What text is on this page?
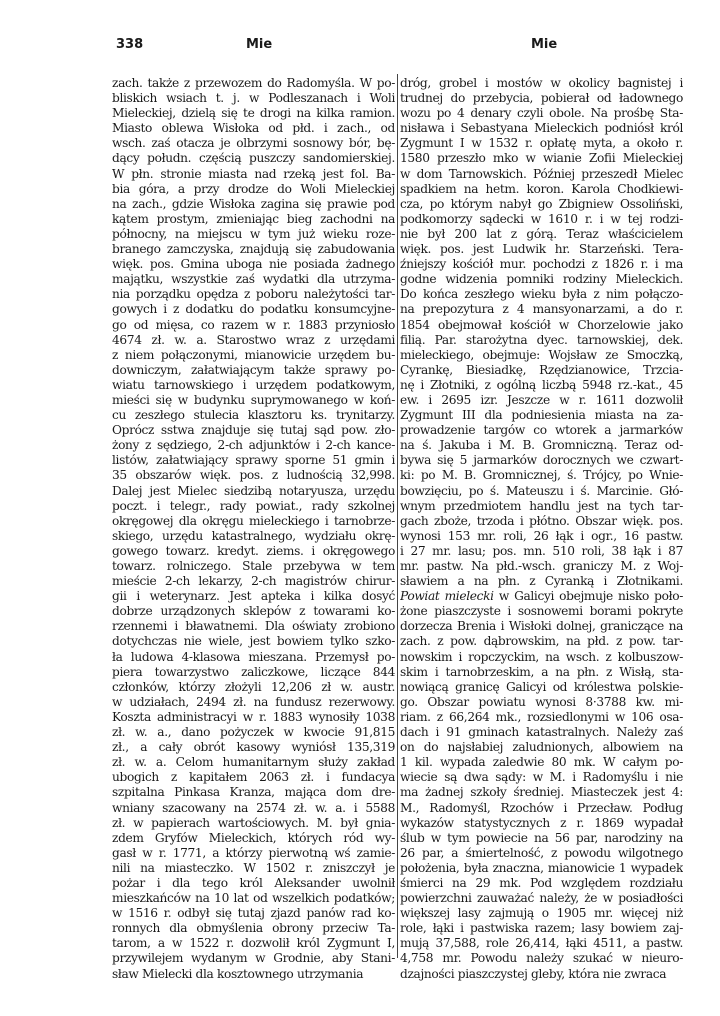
338	Mie	Mie
zach. także z przewozem do Radomyśla. W po-
bliskich wsiach t. j. w Podleszanach i Woli
Mieleckiej, dzielą się te drogi na kilka ramion.
Miasto oblewa Wisłoka od płd. i zach., od
wsch. zaś otacza je olbrzymi sosnowy bór, bę-
dący połudn. częścią puszczy sandomierskiej.
W płn. stronie miasta nad rzeką jest fol. Ba-
bia góra, a przy drodze do Woli Mieleckiej
na zach., gdzie Wisłoka zagina się prawie pod
kątem prostym, zmieniając bieg zachodni na
północny, na miejscu w tym już wieku roze-
branego zamczyska, znajdują się zabudowania
więk. pos. Gmina uboga nie posiada żadnego
majątku, wszystkie zaś wydatki dla utrzyma-
nia porządku opędza z poboru należytości tar-
gowych i z dodatku do podatku konsumcyjne-
go od mięsa, co razem w r. 1883 przyniosło
4674 zł. w. a. Starostwo wraz z urzędami
z niem połączonymi, mianowicie urzędem bu-
downiczym, załatwiającym także sprawy po-
wiatu tarnowskiego i urzędem podatkowym,
mieści się w budynku suprymowanego w koń-
cu zeszłego stulecia klasztoru ks. trynitarzy.
Oprócz sstwa znajduje się tutaj sąd pow. zło-
żony z sędziego, 2-ch adjunktów i 2-ch kance-
listów, załatwiający sprawy sporne 51 gmin i
35 obszarów więk. pos. z ludnością 32,998.
Dalej jest Mielec siedzibą notaryusza, urzędu
poczt. i telegr., rady powiat., rady szkolnej
okręgowej dla okręgu mieleckiego i tarnobrze-
skiego, urzędu katastralnego, wydziału okrę-
gowego towarz. kredyt. ziems. i okręgowego
towarz. rolniczego. Stale przebywa w tem
mieście 2-ch lekarzy, 2-ch magistrów chirur-
gii i weterynarz. Jest apteka i kilka dosyć
dobrze urządzonych sklepów z towarami ko-
rzennemi i bławatnemi. Dla oświaty zrobiono
dotychczas nie wiele, jest bowiem tylko szko-
ła ludowa 4-klasowa mieszana. Przemysł po-
piera towarzystwo zaliczkowe, liczące 844
członków, którzy złożyli 12,206 zł w. austr.
w udziałach, 2494 zł. na fundusz rezerwowy.
Koszta administracyi w r. 1883 wynosiły 1038
zł. w. a., dano pożyczek w kwocie 91,815
zł., a cały obrót kasowy wyniósł 135,319
zł. w. a. Celom humanitarnym służy zakład
ubogich z kapitałem 2063 zł. i fundacya
szpitalna Pinkasa Kranza, mająca dom dre-
wniany szacowany na 2574 zł. w. a. i 5588
zł. w papierach wartościowych. M. był gnia-
zdem Gryfów Mieleckich, których ród wy-
gasł w r. 1771, a którzy pierwotną wś zamie-
nili na miasteczko. W 1502 r. zniszczył je
pożar i dla tego król Aleksander uwolnił
mieszkańców na 10 lat od wszelkich podatków;
w 1516 r. odbył się tutaj zjazd panów rad ko-
ronnych dla obmyślenia obrony przeciw Ta-
tarom, a w 1522 r. dozwolił król Zygmunt I,
przywilejem wydanym w Grodnie, aby Stani-
sław Mielecki dla kosztownego utrzymania
dróg, grobel i mostów w okolicy bagnistej i
trudnej do przebycia, pobierał od ładownego
wozu po 4 denary czyli obole. Na prośbę Sta-
nisława i Sebastyana Mieleckich podniósł król
Zygmunt I w 1532 r. opłatę myta, a około r.
1580 przeszło mko w wianie Zofii Mieleckiej
w dom Tarnowskich. Później przeszedł Mielec
spadkiem na hetm. koron. Karola Chodkiewi-
cza, po którym nabył go Zbigniew Ossoliński,
podkomorzy sądecki w 1610 r. i w tej rodzi-
nie był 200 lat z górą. Teraz właścicielem
więk. pos. jest Ludwik hr. Starzeński. Tera-
źniejszy kościół mur. pochodzi z 1826 r. i ma
godne widzenia pomniki rodziny Mieleckich.
Do końca zeszłego wieku była z nim połączo-
na prepozytura z 4 mansyonarzami, a do r.
1854 obejmował kościół w Chorzelowie jako
filią. Par. starożytna dyec. tarnowskiej, dek.
mieleckiego, obejmuje: Wojsław ze Smoczką,
Cyrankę, Biesiadkę, Rzędzianowice, Trzcia-
nę i Złotniki, z ogólną liczbą 5948 rz.-kat., 45
ew. i 2695 izr. Jeszcze w r. 1611 dozwolił
Zygmunt III dla podniesienia miasta na za-
prowadzenie targów co wtorek a jarmarków
na ś. Jakuba i M. B. Gromniczną. Teraz od-
bywa się 5 jarmarków dorocznych we czwart-
ki: po M. B. Gromnicznej, ś. Trójcy, po Wnie-
bowzięciu, po ś. Mateuszu i ś. Marcinie. Głó-
wnym przedmiotem handlu jest na tych tar-
gach zboże, trzoda i płótno. Obszar więk. pos.
wynosi 153 mr. roli, 26 łąk i ogr., 16 pastw.
i 27 mr. lasu; pos. mn. 510 roli, 38 łąk i 87
mr. pastw. Na płd.-wsch. graniczy M. z Woj-
sławiem a na płn. z Cyranką i Złotnikami.
Powiat mielecki w Galicyi obejmuje nisko poło-
żone piaszczyste i sosnowemi borami pokryte
dorzecza Brenia i Wisłoki dolnej, graniczące na
zach. z pow. dąbrowskim, na płd. z pow. tar-
nowskim i ropczyckim, na wsch. z kolbuszow-
skim i tarnobrzeskim, a na płn. z Wisłą, sta-
nowiącą granicę Galicyi od królestwa polskie-
go. Obszar powiatu wynosi 8·3788 kw. mi-
riam. z 66,264 mk., rozsiedlonymi w 106 osa-
dach i 91 gminach katastralnych. Należy zaś
on do najsłabiej zaludnionych, albowiem na
1 kil. wypada zaledwie 80 mk. W całym po-
wiecie są dwa sądy: w M. i Radomyślu i nie
ma żadnej szkoły średniej. Miasteczek jest 4:
M., Radomyśl, Rzochów i Przecław. Podług
wykazów statystycznych z r. 1869 wypadał
ślub w tym powiecie na 56 par, narodziny na
26 par, a śmiertelność, z powodu wilgotnego
położenia, była znaczna, mianowicie 1 wypadek
śmierci na 29 mk. Pod względem rozdziału
powierzchni zauważać należy, że w posiadłości
większej lasy zajmują o 1905 mr. więcej niż
role, łąki i pastwiska razem; lasy bowiem zaj-
mują 37,588, role 26,414, łąki 4511, a pastw.
4,758 mr. Powodu należy szukać w nieuro-
dzajności piaszczystej gleby, która nie zwraca
